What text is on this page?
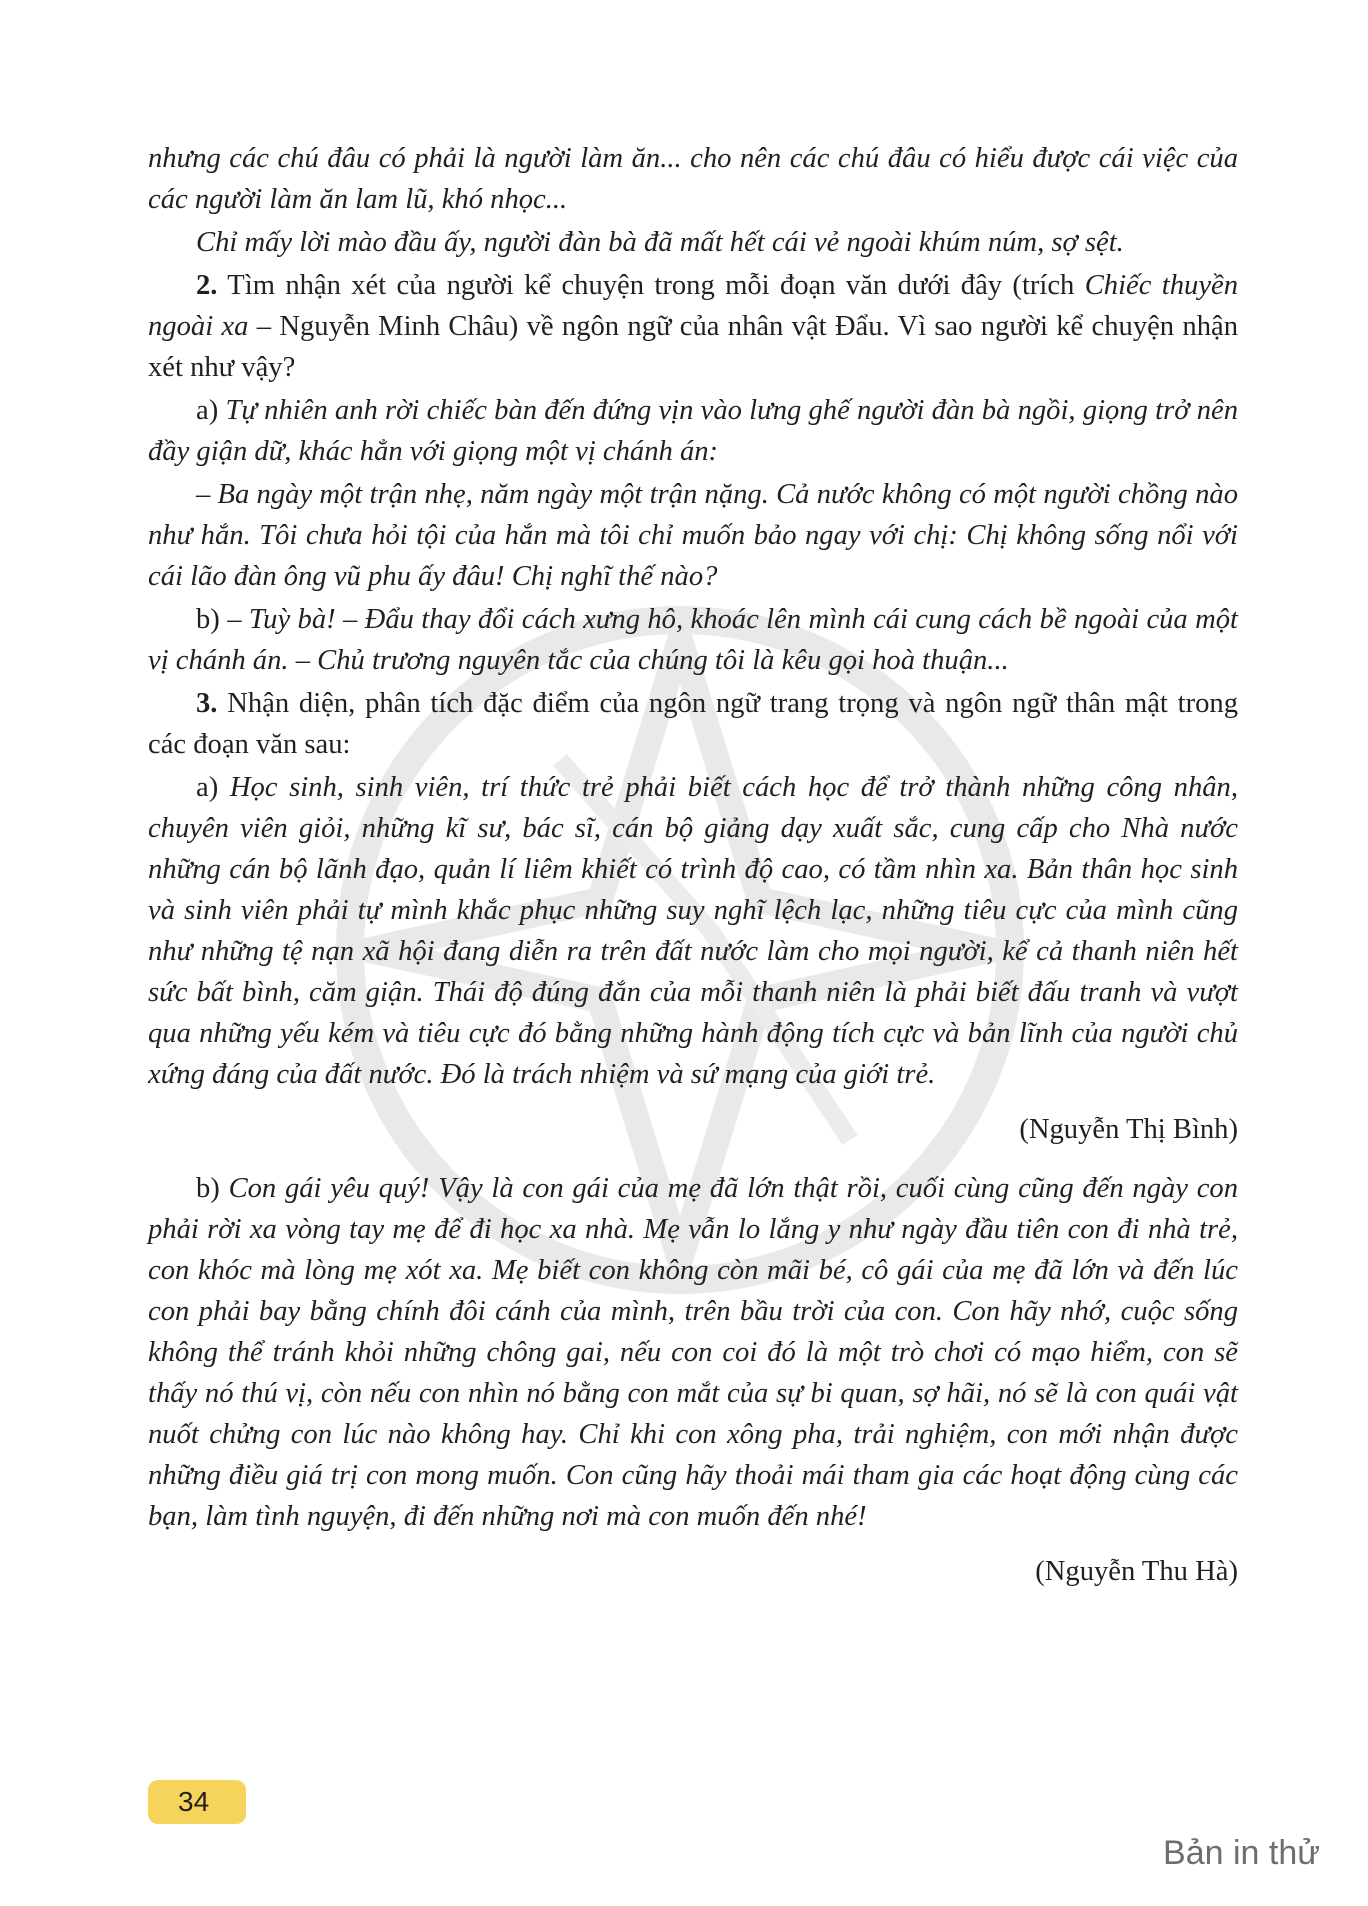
nhưng các chú đâu có phải là người làm ăn... cho nên các chú đâu có hiểu được cái việc của các người làm ăn lam lũ, khó nhọc...

Chỉ mấy lời mào đầu ấy, người đàn bà đã mất hết cái vẻ ngoài khúm núm, sợ sệt.

2. Tìm nhận xét của người kể chuyện trong mỗi đoạn văn dưới đây (trích Chiếc thuyền ngoài xa – Nguyễn Minh Châu) về ngôn ngữ của nhân vật Đẩu. Vì sao người kể chuyện nhận xét như vậy?

a) Tự nhiên anh rời chiếc bàn đến đứng vịn vào lưng ghế người đàn bà ngồi, giọng trở nên đầy giận dữ, khác hẳn với giọng một vị chánh án:

– Ba ngày một trận nhẹ, năm ngày một trận nặng. Cả nước không có một người chồng nào như hắn. Tôi chưa hỏi tội của hắn mà tôi chỉ muốn bảo ngay với chị: Chị không sống nổi với cái lão đàn ông vũ phu ấy đâu! Chị nghĩ thế nào?

b) – Tuỳ bà! – Đẩu thay đổi cách xưng hô, khoác lên mình cái cung cách bề ngoài của một vị chánh án. – Chủ trương nguyên tắc của chúng tôi là kêu gọi hoà thuận...

3. Nhận diện, phân tích đặc điểm của ngôn ngữ trang trọng và ngôn ngữ thân mật trong các đoạn văn sau:

a) Học sinh, sinh viên, trí thức trẻ phải biết cách học để trở thành những công nhân, chuyên viên giỏi, những kĩ sư, bác sĩ, cán bộ giảng dạy xuất sắc, cung cấp cho Nhà nước những cán bộ lãnh đạo, quản lí liêm khiết có trình độ cao, có tầm nhìn xa. Bản thân học sinh và sinh viên phải tự mình khắc phục những suy nghĩ lệch lạc, những tiêu cực của mình cũng như những tệ nạn xã hội đang diễn ra trên đất nước làm cho mọi người, kể cả thanh niên hết sức bất bình, căm giận. Thái độ đúng đắn của mỗi thanh niên là phải biết đấu tranh và vượt qua những yếu kém và tiêu cực đó bằng những hành động tích cực và bản lĩnh của người chủ xứng đáng của đất nước. Đó là trách nhiệm và sứ mạng của giới trẻ.

(Nguyễn Thị Bình)

b) Con gái yêu quý! Vậy là con gái của mẹ đã lớn thật rồi, cuối cùng cũng đến ngày con phải rời xa vòng tay mẹ để đi học xa nhà. Mẹ vẫn lo lắng y như ngày đầu tiên con đi nhà trẻ, con khóc mà lòng mẹ xót xa. Mẹ biết con không còn mãi bé, cô gái của mẹ đã lớn và đến lúc con phải bay bằng chính đôi cánh của mình, trên bầu trời của con. Con hãy nhớ, cuộc sống không thể tránh khỏi những chông gai, nếu con coi đó là một trò chơi có mạo hiểm, con sẽ thấy nó thú vị, còn nếu con nhìn nó bằng con mắt của sự bi quan, sợ hãi, nó sẽ là con quái vật nuốt chửng con lúc nào không hay. Chỉ khi con xông pha, trải nghiệm, con mới nhận được những điều giá trị con mong muốn. Con cũng hãy thoải mái tham gia các hoạt động cùng các bạn, làm tình nguyện, đi đến những nơi mà con muốn đến nhé!

(Nguyễn Thu Hà)

34
Bản in thử
